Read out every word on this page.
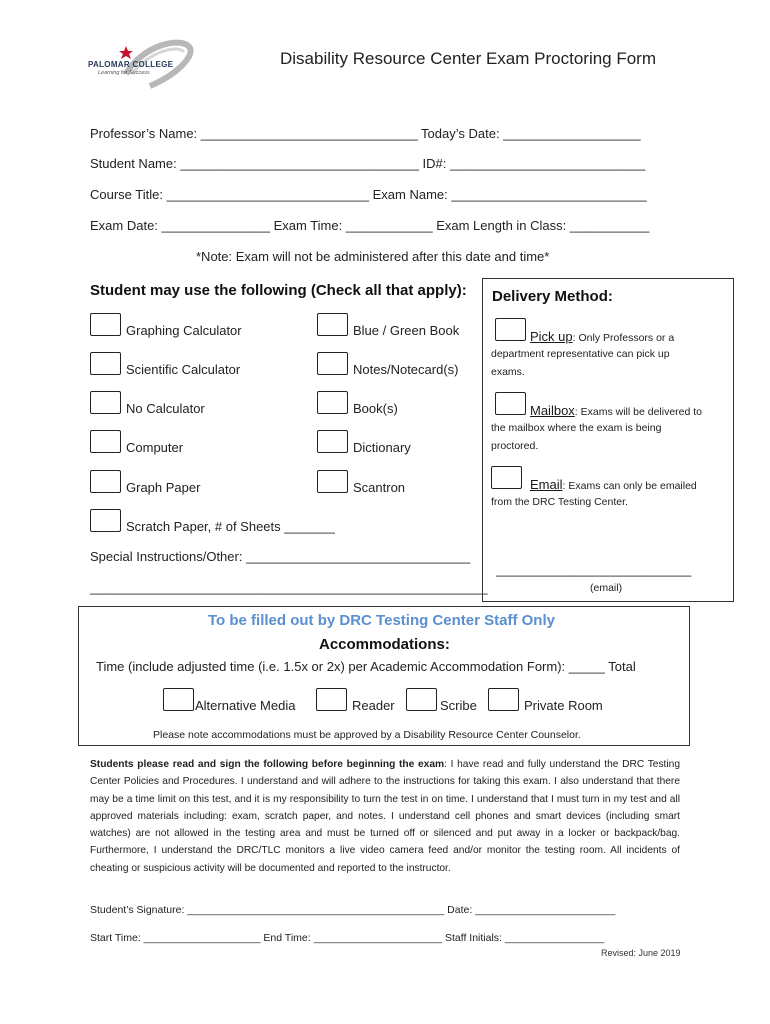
PALOMAR COLLEGE
Learning for Success
Disability Resource Center Exam Proctoring Form
Professor’s Name: ______________________________ Today’s Date: ___________________
Student Name: _________________________________ ID#: ___________________________
Course Title: ____________________________ Exam Name: ___________________________
Exam Date: _______________ Exam Time: ____________ Exam Length in Class: ___________
*Note: Exam will not be administered after this date and time*
Student may use the following (Check all that apply):
Graphing Calculator
Scientific Calculator
No Calculator
Computer
Graph Paper
Scratch Paper, # of Sheets _______
Blue / Green Book
Notes/Notecard(s)
Book(s)
Dictionary
Scantron
Special Instructions/Other: _______________________________
_______________________________________________________
Delivery Method:
Pick up: Only Professors or a
department representative can pick up
exams.
Mailbox: Exams will be delivered to
the mailbox where the exam is being
proctored.
Email: Exams can only be emailed
from the DRC Testing Center.
___________________________
(email)
To be filled out by DRC Testing Center Staff Only
Accommodations:
Time (include adjusted time (i.e. 1.5x or 2x) per Academic Accommodation Form): _____ Total
Alternative Media	Reader	Scribe	Private Room
Please note accommodations must be approved by a Disability Resource Center Counselor.
Students please read and sign the following before beginning the exam: I have read and fully understand the DRC Testing Center Policies and Procedures. I understand and will adhere to the instructions for taking this exam. I also understand that there may be a time limit on this test, and it is my responsibility to turn the test in on time. I understand that I must turn in my test and all approved materials including: exam, scratch paper, and notes. I understand cell phones and smart devices (including smart watches) are not allowed in the testing area and must be turned off or silenced and put away in a locker or backpack/bag. Furthermore, I understand the DRC/TLC monitors a live video camera feed and/or monitor the testing room. All incidents of cheating or suspicious activity will be documented and reported to the instructor.
Student’s Signature: ____________________________________________ Date: ________________________
Start Time: ____________________ End Time: ______________________ Staff Initials: _________________
Revised: June 2019
